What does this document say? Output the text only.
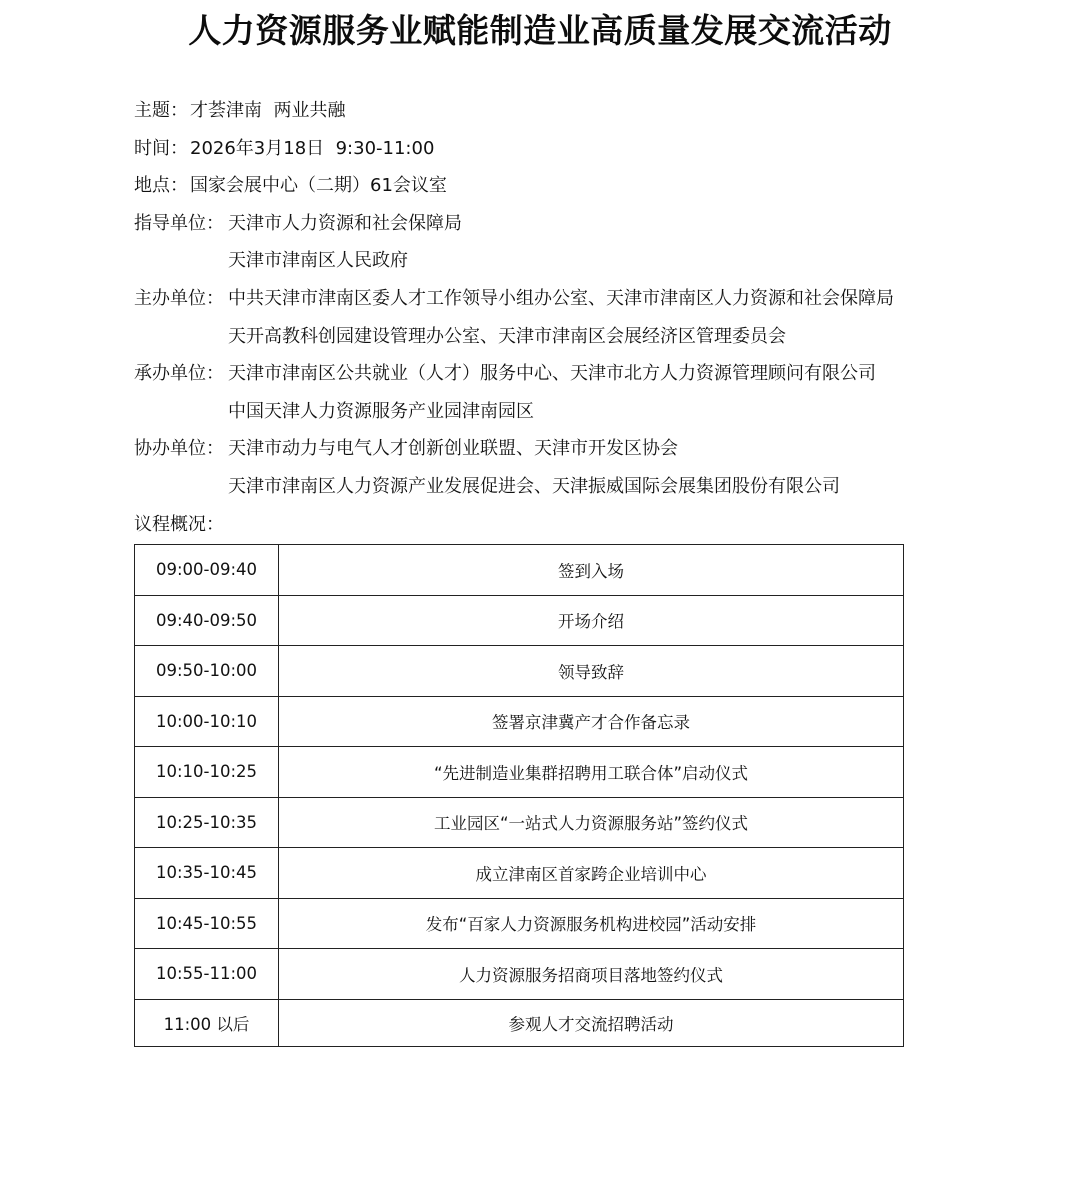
人力资源服务业赋能制造业高质量发展交流活动
主题： 才荟津南  两业共融
时间： 2026年3月18日  9:30-11:00
地点： 国家会展中心（二期）61会议室
指导单位： 天津市人力资源和社会保障局
天津市津南区人民政府
主办单位： 中共天津市津南区委人才工作领导小组办公室、天津市津南区人力资源和社会保障局
天开高教科创园建设管理办公室、天津市津南区会展经济区管理委员会
承办单位： 天津市津南区公共就业（人才）服务中心、天津市北方人力资源管理顾问有限公司
中国天津人力资源服务产业园津南园区
协办单位： 天津市动力与电气人才创新创业联盟、天津市开发区协会
天津市津南区人力资源产业发展促进会、天津振威国际会展集团股份有限公司
议程概况：
09:00-09:40	签到入场
09:40-09:50	开场介绍
09:50-10:00	领导致辞
10:00-10:10	签署京津冀产才合作备忘录
10:10-10:25	“先进制造业集群招聘用工联合体”启动仪式
10:25-10:35	工业园区“一站式人力资源服务站”签约仪式
10:35-10:45	成立津南区首家跨企业培训中心
10:45-10:55	发布“百家人力资源服务机构进校园”活动安排
10:55-11:00	人力资源服务招商项目落地签约仪式
11:00 以后	参观人才交流招聘活动
